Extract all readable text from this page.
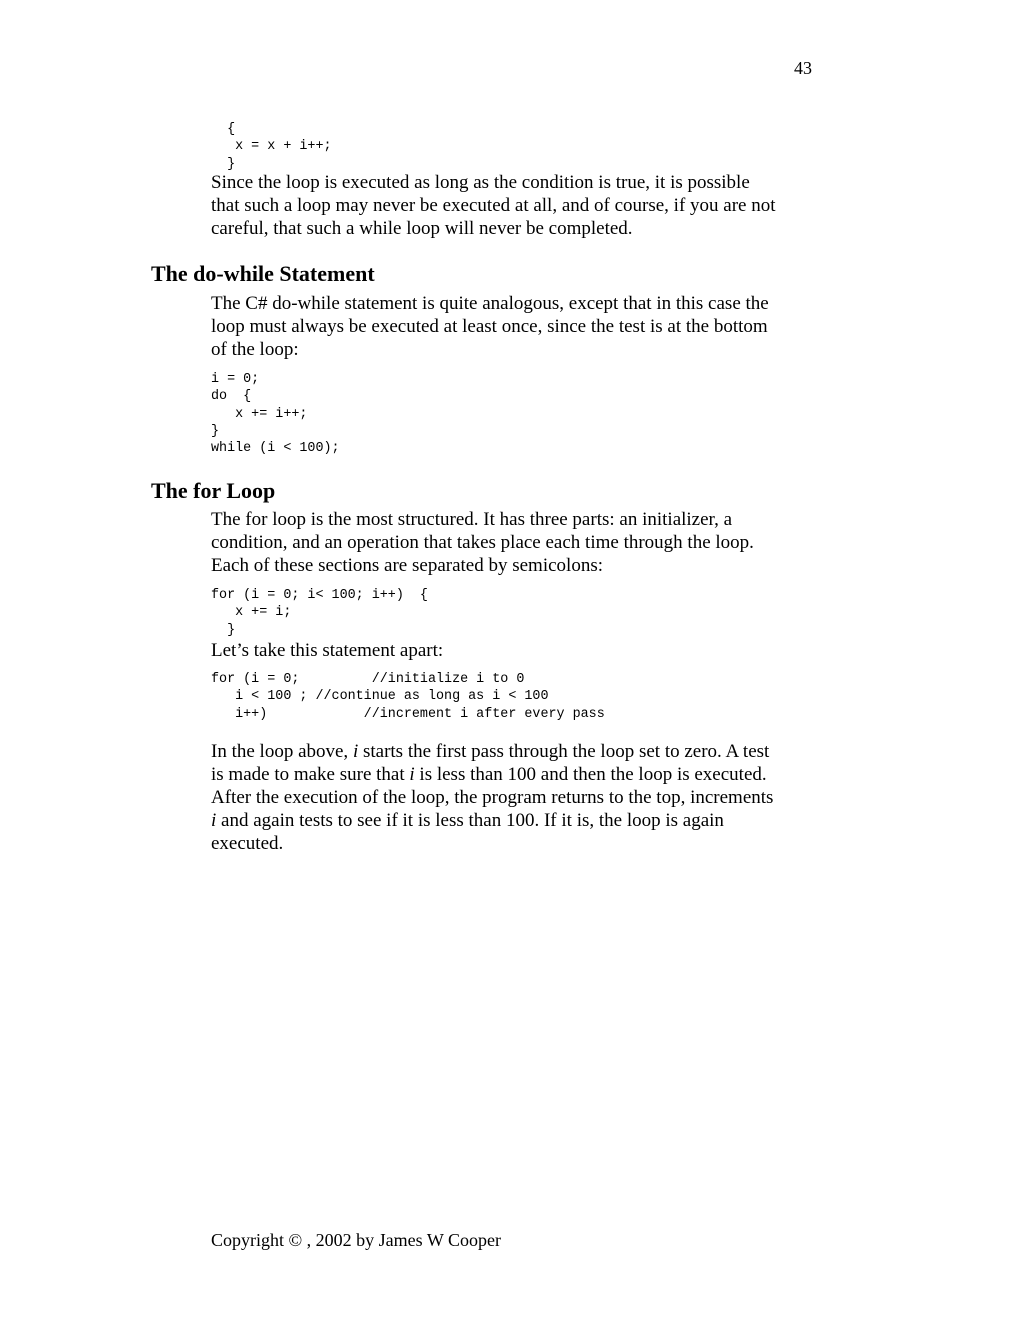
43
{
x = x + i++;
}
Since the loop is executed as long as the condition is true, it is possible
that such a loop may never be executed at all, and of course, if you are not
careful, that such a while loop will never be completed.
The do-while Statement
The C# do-while statement is quite analogous, except that in this case the
loop must always be executed at least once, since the test is at the bottom
of the loop:
i = 0;
do  {
x += i++;
}
while (i < 100);
The for Loop
The for loop is the most structured. It has three parts: an initializer, a
condition, and an operation that takes place each time through the loop.
Each of these sections are separated by semicolons:
for (i = 0; i< 100; i++)  {
x += i;
}
Let’s take this statement apart:
for (i = 0;         //initialize i to 0
i < 100 ; //continue as long as i < 100
i++)            //increment i after every pass
In the loop above, i starts the first pass through the loop set to zero. A test
is made to make sure that i is less than 100 and then the loop is executed.
After the execution of the loop, the program returns to the top, increments
i and again tests to see if it is less than 100. If it is, the loop is again
executed.
Copyright © , 2002 by James W Cooper
